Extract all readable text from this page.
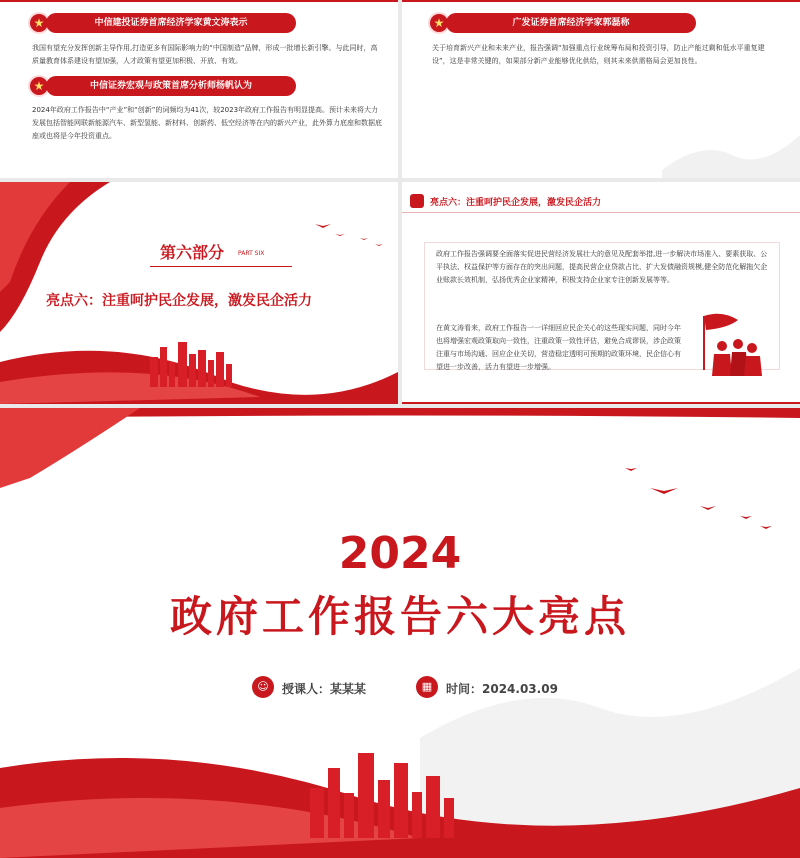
★	中信建投证券首席经济学家黄文涛表示
我国有望充分发挥创新主导作用,打造更多有国际影响力的“中国制造”品牌，形成一批增长新引擎。与此同时，高质量教育体系建设有望加强，人才政策有望更加积极、开放、有效。
★	中信证券宏观与政策首席分析师杨帆认为
2024年政府工作报告中“产业”和“创新”的词频均为41次，较2023年政府工作报告有明显提高。预计未来将大力发展包括智能网联新能源汽车、新型氢能、新材料、创新药、低空经济等在内的新兴产业，此外算力底座和数据底座或也将是今年投资重点。
★	广发证券首席经济学家郭磊称
关于培育新兴产业和未来产业，报告强调“加强重点行业统筹布局和投资引导，防止产能过剩和低水平重复建设”，这是非常关键的，如果部分新产业能够优化供给，则其未来供需格局会更加良性。
第六部分 PART SIX
亮点六：注重呵护民企发展，激发民企活力
亮点六：注重呵护民企发展，激发民企活力
政府工作报告强调要全面落实促进民营经济发展壮大的意见及配套举措,进一步解决市场准入、要素获取、公平执法、权益保护等方面存在的突出问题，提高民营企业贷款占比、扩大发债融资规模,健全防范化解拖欠企业账款长效机制，弘扬优秀企业家精神，积极支持企业家专注创新发展等等。
在黄文涛看来，政府工作报告一一详细回应民企关心的这些现实问题，同时今年也将增强宏观政策取向一致性，注重政策一致性评估，避免合成谬误，涉企政策注重与市场沟通、回应企业关切，营造稳定透明可预期的政策环境，民企信心有望进一步改善，活力有望进一步增强。
2024
政府工作报告六大亮点
☺	授课人：某某某	▦	时间：2024.03.09
